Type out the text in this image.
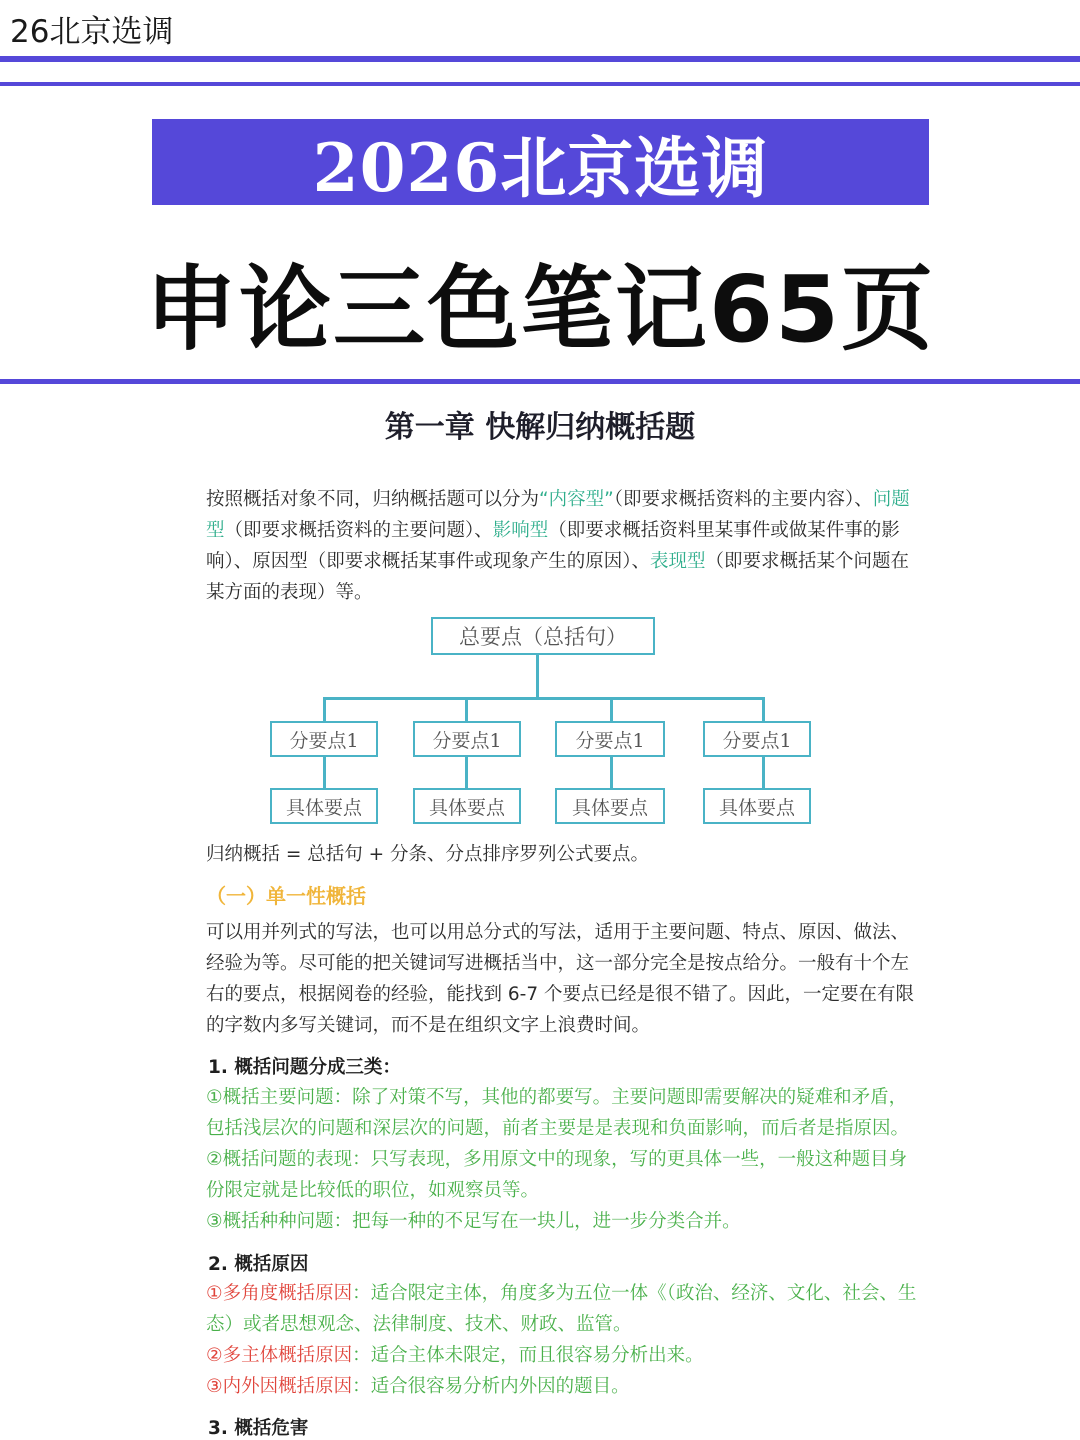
26北京选调
2026北京选调
申论三色笔记65页
第一章 快解归纳概括题
按照概括对象不同，归纳概括题可以分为“内容型”（即要求概括资料的主要内容）、问题型（即要求概括资料的主要问题）、影响型（即要求概括资料里某事件或做某件事的影响）、原因型（即要求概括某事件或现象产生的原因）、表现型（即要求概括某个问题在某方面的表现）等。
总要点（总括句）
分要点1	分要点1	分要点1	分要点1
具体要点	具体要点	具体要点	具体要点
归纳概括 = 总括句 + 分条、分点排序罗列公式要点。
（一）单一性概括
可以用并列式的写法，也可以用总分式的写法，适用于主要问题、特点、原因、做法、经验为等。尽可能的把关键词写进概括当中，这一部分完全是按点给分。一般有十个左右的要点，根据阅卷的经验，能找到 6-7 个要点已经是很不错了。因此，一定要在有限的字数内多写关键词，而不是在组织文字上浪费时间。
1. 概括问题分成三类：
①概括主要问题：除了对策不写，其他的都要写。主要问题即需要解决的疑难和矛盾，包括浅层次的问题和深层次的问题，前者主要是是表现和负面影响，而后者是指原因。
②概括问题的表现：只写表现，多用原文中的现象，写的更具体一些，一般这种题目身份限定就是比较低的职位，如观察员等。
③概括种种问题：把每一种的不足写在一块儿，进一步分类合并。
2. 概括原因
①多角度概括原因：适合限定主体，角度多为五位一体《（政治、经济、文化、社会、生态）或者思想观念、法律制度、技术、财政、监管。
②多主体概括原因：适合主体未限定，而且很容易分析出来。
③内外因概括原因：适合很容易分析内外因的题目。
3. 概括危害
